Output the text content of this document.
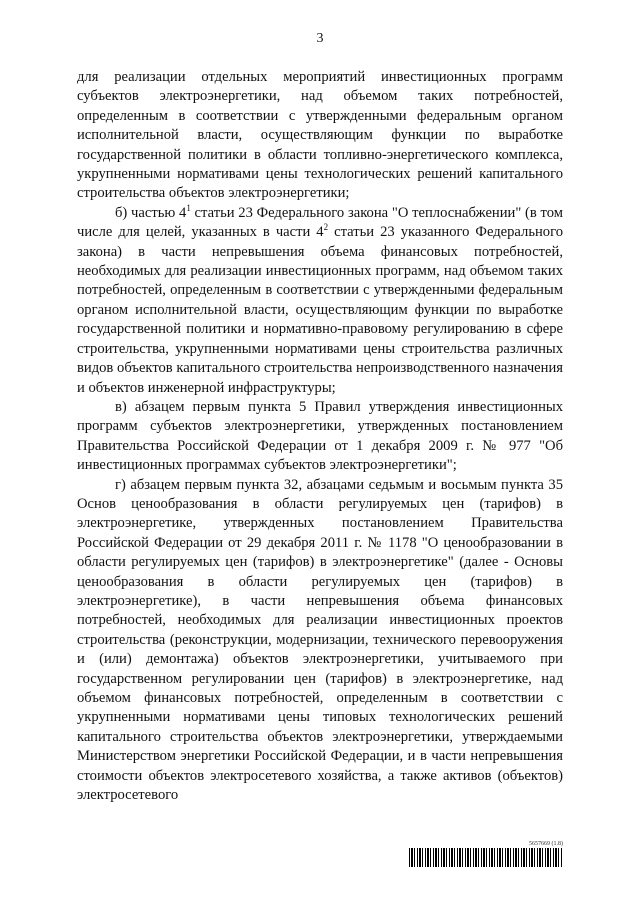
3

для реализации отдельных мероприятий инвестиционных программ субъектов электроэнергетики, над объемом таких потребностей, определенным в соответствии с утвержденными федеральным органом исполнительной власти, осуществляющим функции по выработке государственной политики в области топливно-энергетического комплекса, укрупненными нормативами цены технологических решений капитального строительства объектов электроэнергетики;

б) частью $4^1$ статьи 23 Федерального закона "О теплоснабжении" (в том числе для целей, указанных в части $4^2$ статьи 23 указанного Федерального закона) в части непревышения объема финансовых потребностей, необходимых для реализации инвестиционных программ, над объемом таких потребностей, определенным в соответствии с утвержденными федеральным органом исполнительной власти, осуществляющим функции по выработке государственной политики и нормативно-правовому регулированию в сфере строительства, укрупненными нормативами цены строительства различных видов объектов капитального строительства непроизводственного назначения и объектов инженерной инфраструктуры;

в) абзацем первым пункта 5 Правил утверждения инвестиционных программ субъектов электроэнергетики, утвержденных постановлением Правительства Российской Федерации от 1 декабря 2009 г. № 977 "Об инвестиционных программах субъектов электроэнергетики";

г) абзацем первым пункта 32, абзацами седьмым и восьмым пункта 35 Основ ценообразования в области регулируемых цен (тарифов) в электроэнергетике, утвержденных постановлением Правительства Российской Федерации от 29 декабря 2011 г. № 1178 "О ценообразовании в области регулируемых цен (тарифов) в электроэнергетике" (далее - Основы ценообразования в области регулируемых цен (тарифов) в электроэнергетике), в части непревышения объема финансовых потребностей, необходимых для реализации инвестиционных проектов строительства (реконструкции, модернизации, технического перевооружения и (или) демонтажа) объектов электроэнергетики, учитываемого при государственном регулировании цен (тарифов) в электроэнергетике, над объемом финансовых потребностей, определенным в соответствии с укрупненными нормативами цены типовых технологических решений капитального строительства объектов электроэнергетики, утверждаемыми Министерством энергетики Российской Федерации, и в части непревышения стоимости объектов электросетевого хозяйства, а также активов (объектов) электросетевого

5657669 (1.8)
